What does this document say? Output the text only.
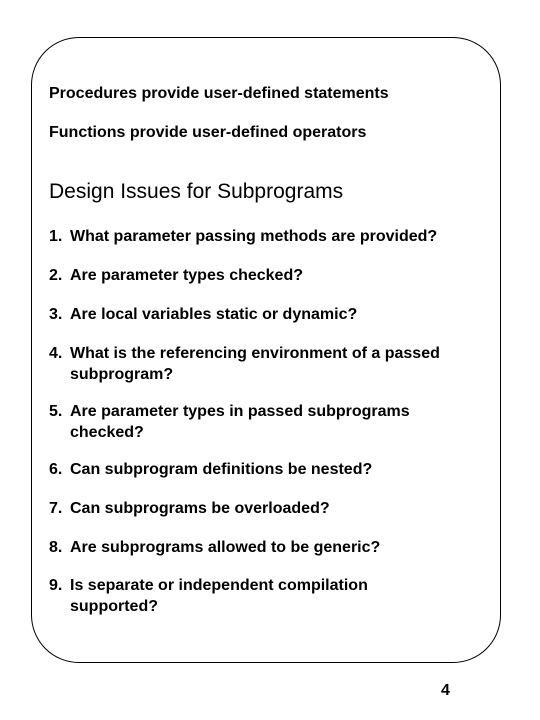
Procedures provide user-defined statements
Functions provide user-defined operators
Design Issues for Subprograms
1. What parameter passing methods are provided?
2. Are parameter types checked?
3. Are local variables static or dynamic?
4. What is the referencing environment of a passed
subprogram?
5. Are parameter types in passed subprograms
checked?
6. Can subprogram definitions be nested?
7. Can subprograms be overloaded?
8. Are subprograms allowed to be generic?
9. Is separate or independent compilation
supported?
4
